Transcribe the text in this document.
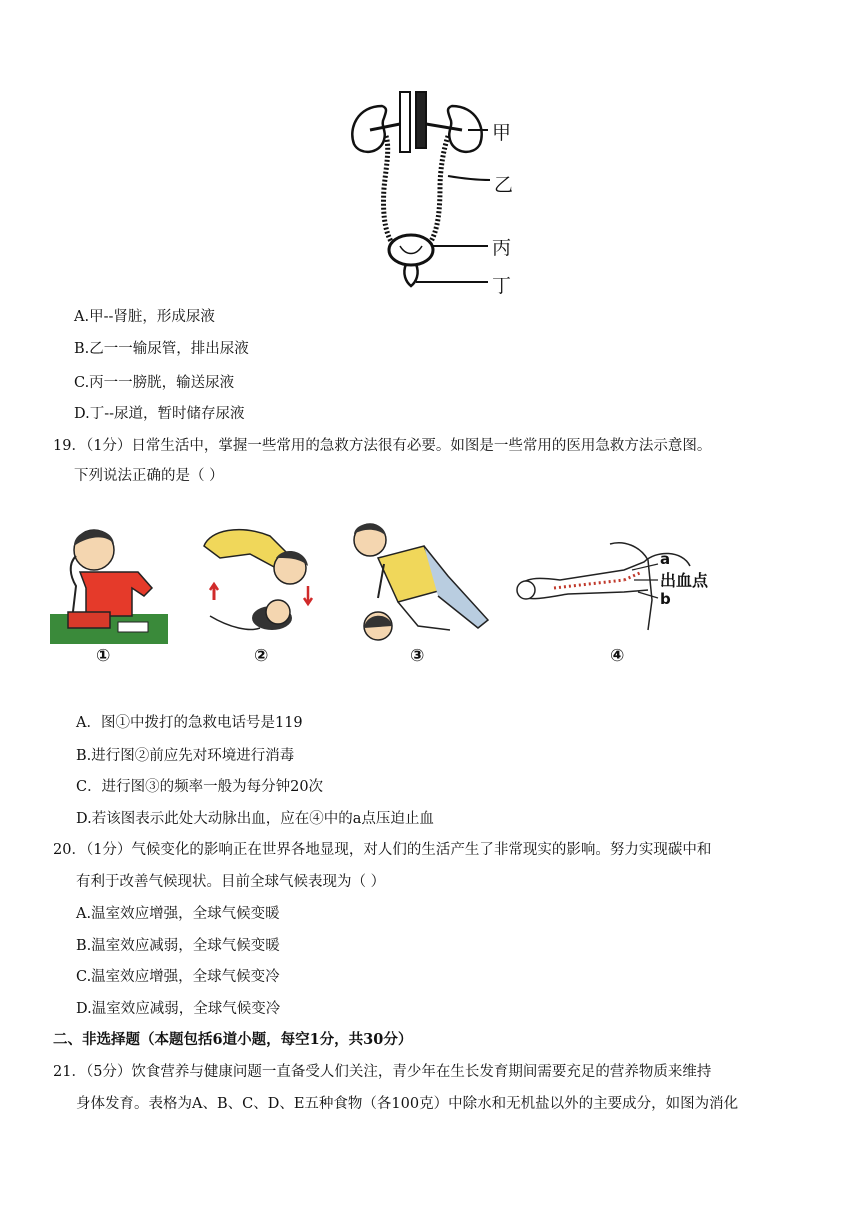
甲
乙
丙
丁
A.甲--肾脏，形成尿液
B.乙一一输尿管，排出尿液
C.丙一一膀胱，输送尿液
D.丁--尿道，暂时储存尿液
19．（1分）日常生活中，掌握一些常用的急救方法很有必要。如图是一些常用的医用急救方法示意图。
下列说法正确的是（ ）
①	②	③
a
出血点
b
④
A．图①中拨打的急救电话号是119
B.进行图②前应先对环境进行消毒
C．进行图③的频率一般为每分钟20次
D.若该图表示此处大动脉出血，应在④中的a点压迫止血
20．（1分）气候变化的影响正在世界各地显现，对人们的生活产生了非常现实的影响。努力实现碳中和
有利于改善气候现状。目前全球气候表现为（ ）
A.温室效应增强，全球气候变暖
B.温室效应减弱，全球气候变暖
C.温室效应增强，全球气候变冷
D.温室效应减弱，全球气候变冷
二、非选择题（本题包括6道小题，每空1分，共30分）
21．（5分）饮食营养与健康问题一直备受人们关注，青少年在生长发育期间需要充足的营养物质来维持
身体发育。表格为A、B、C、D、E五种食物（各100克）中除水和无机盐以外的主要成分，如图为消化
